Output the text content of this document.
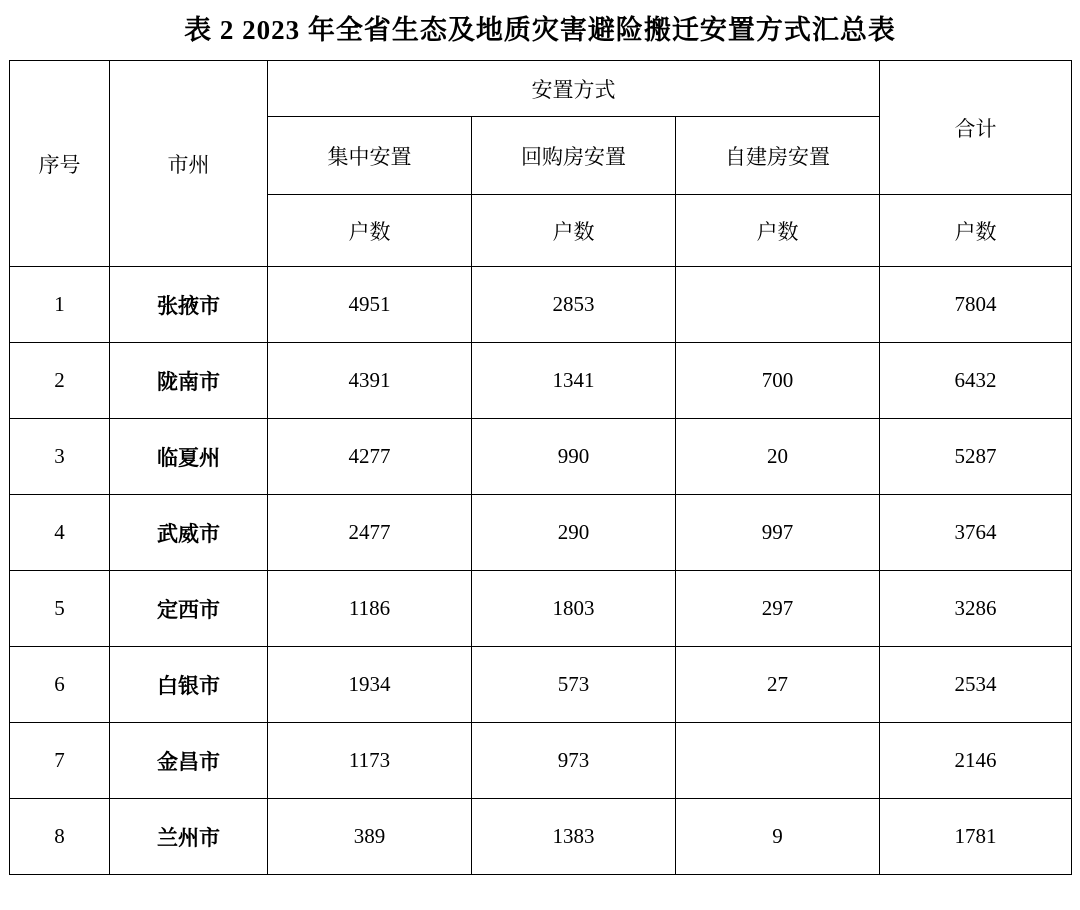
表 2 2023 年全省生态及地质灾害避险搬迁安置方式汇总表
序号	市州	安置方式			合计
		集中安置	回购房安置	自建房安置	
		户数	户数	户数	户数
1	张掖市	4951	2853		7804
2	陇南市	4391	1341	700	6432
3	临夏州	4277	990	20	5287
4	武威市	2477	290	997	3764
5	定西市	1186	1803	297	3286
6	白银市	1934	573	27	2534
7	金昌市	1173	973		2146
8	兰州市	389	1383	9	1781
